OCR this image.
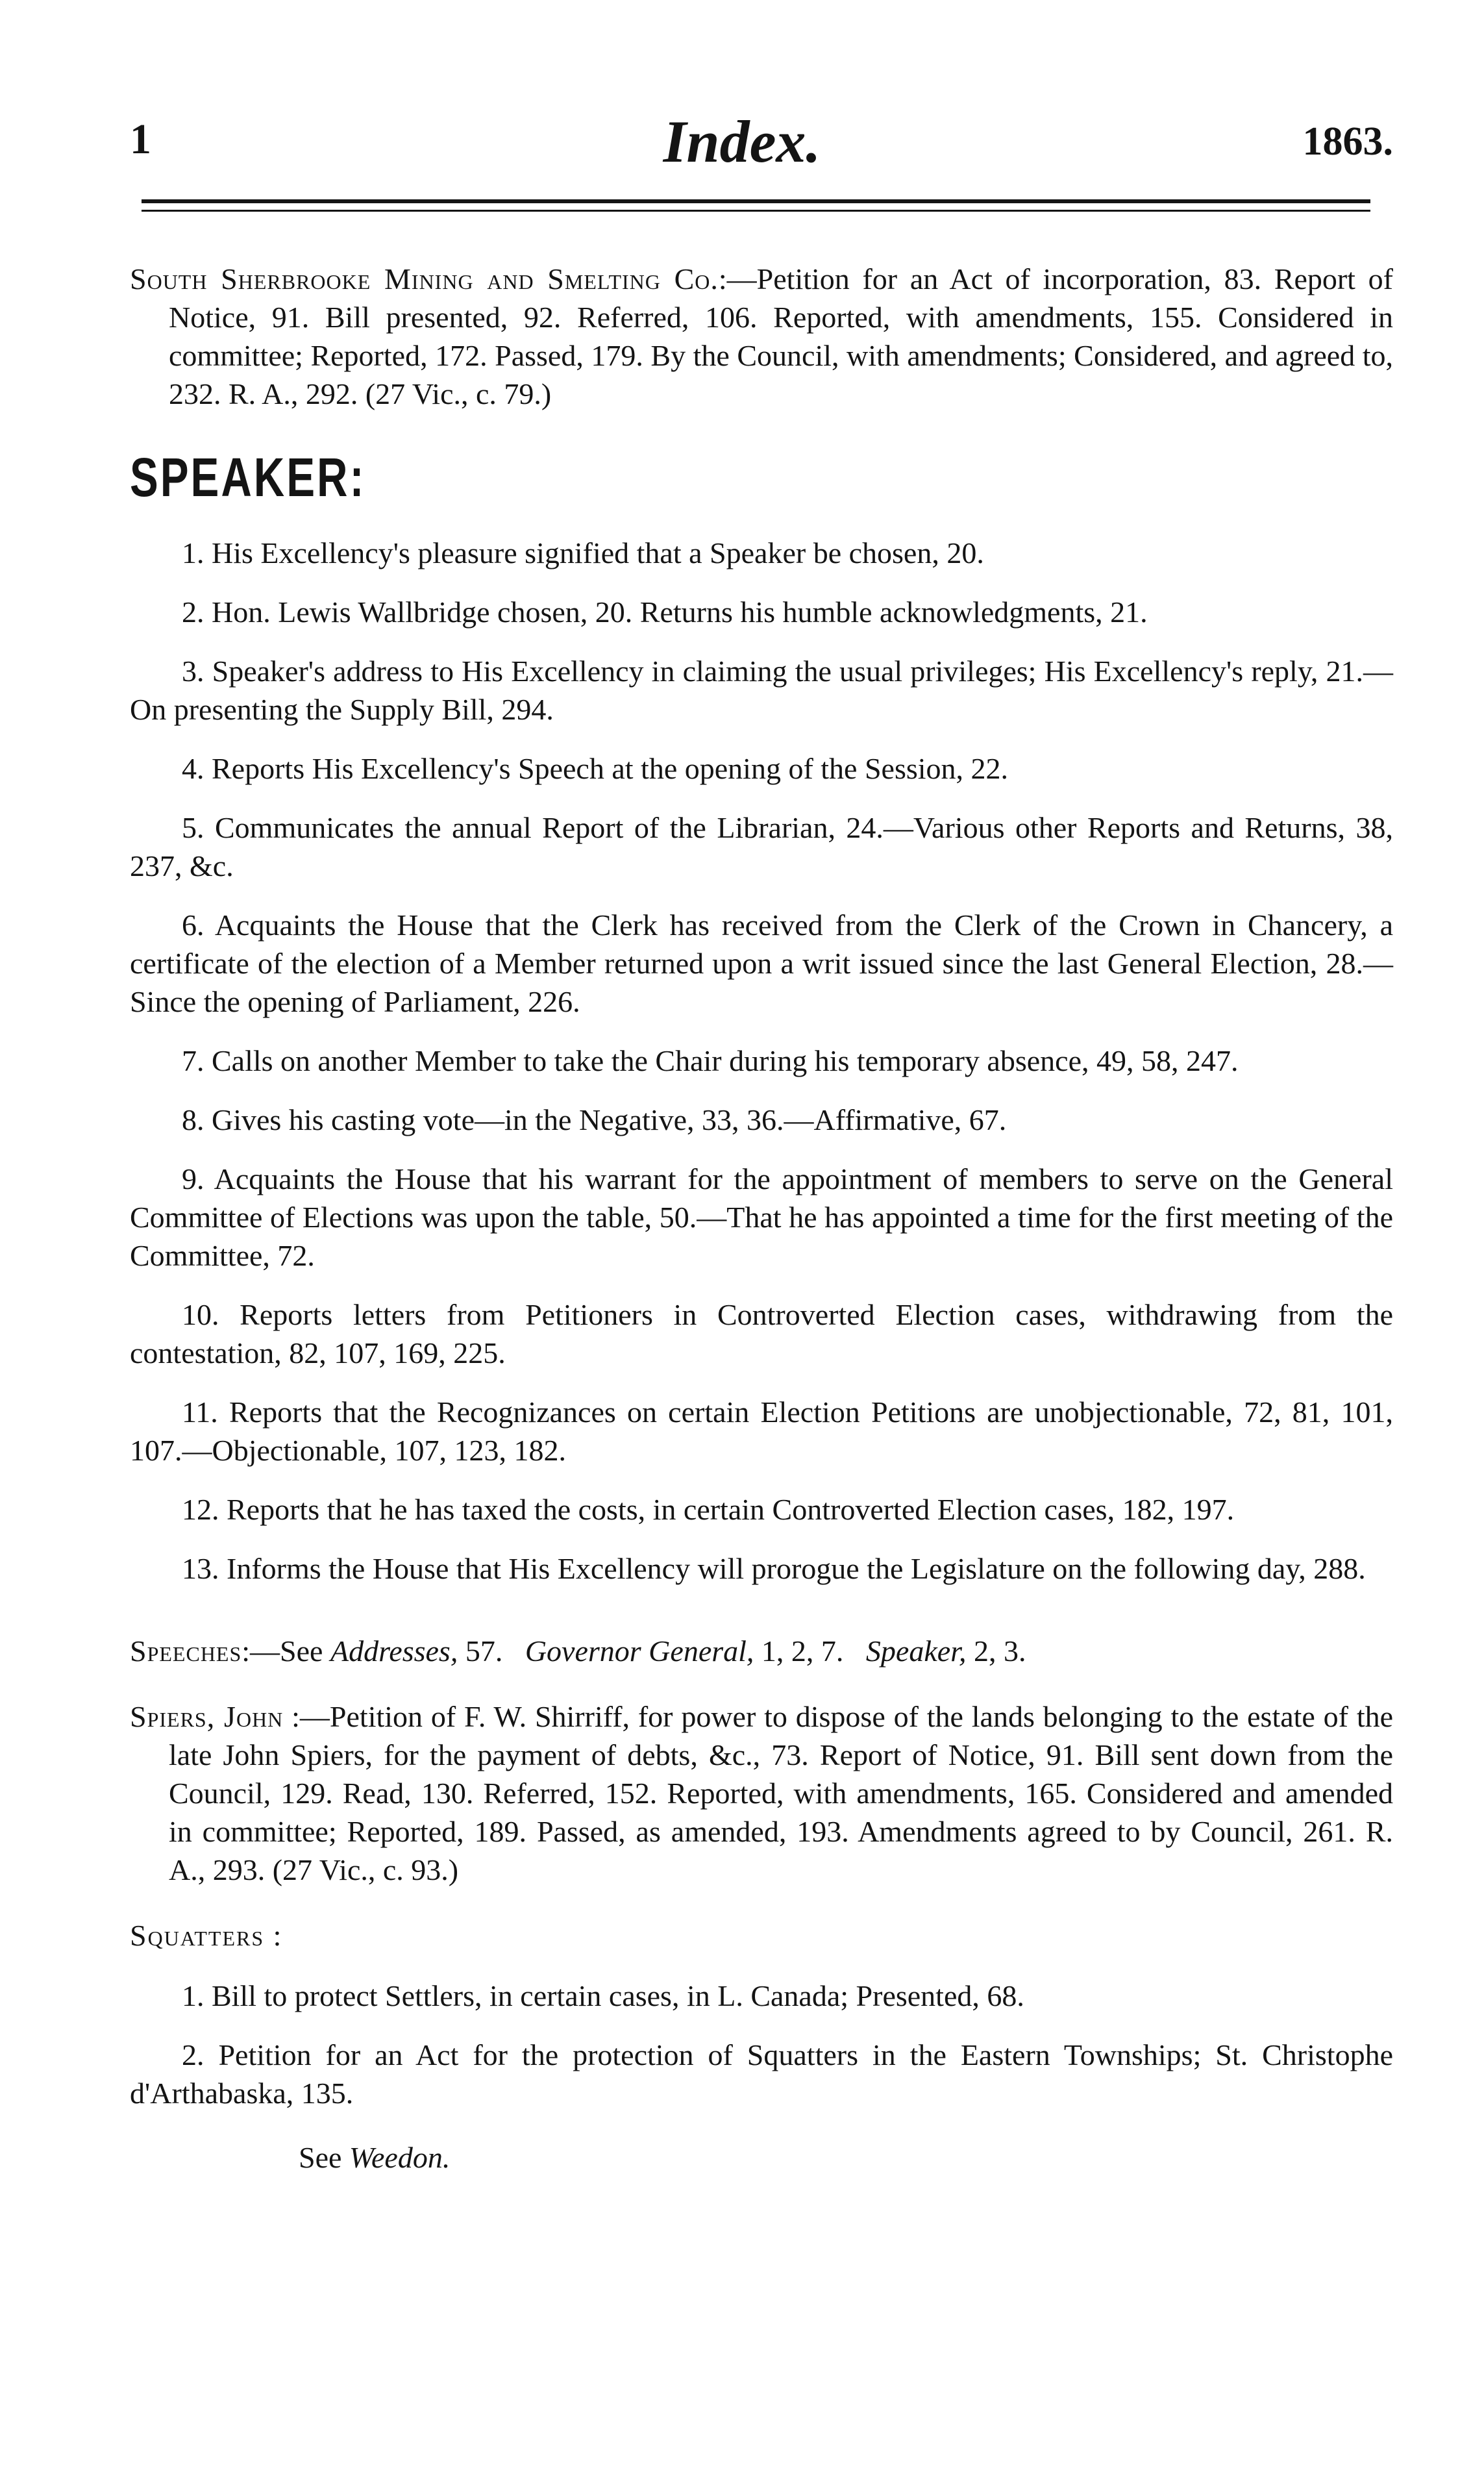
1	Index.	1863.

South Sherbrooke Mining and Smelting Co.:—Petition for an Act of incorporation, 83. Report of Notice, 91. Bill presented, 92. Referred, 106. Reported, with amendments, 155. Considered in committee; Reported, 172. Passed, 179. By the Council, with amendments; Considered, and agreed to, 232. R. A., 292. (27 Vic., c. 79.)

SPEAKER:

1. His Excellency's pleasure signified that a Speaker be chosen, 20.

2. Hon. Lewis Wallbridge chosen, 20. Returns his humble acknowledgments, 21.

3. Speaker's address to His Excellency in claiming the usual privileges; His Excellency's reply, 21.—On presenting the Supply Bill, 294.

4. Reports His Excellency's Speech at the opening of the Session, 22.

5. Communicates the annual Report of the Librarian, 24.—Various other Reports and Returns, 38, 237, &c.

6. Acquaints the House that the Clerk has received from the Clerk of the Crown in Chancery, a certificate of the election of a Member returned upon a writ issued since the last General Election, 28.—Since the opening of Parliament, 226.

7. Calls on another Member to take the Chair during his temporary absence, 49, 58, 247.

8. Gives his casting vote—in the Negative, 33, 36.—Affirmative, 67.

9. Acquaints the House that his warrant for the appointment of members to serve on the General Committee of Elections was upon the table, 50.—That he has appointed a time for the first meeting of the Committee, 72.

10. Reports letters from Petitioners in Controverted Election cases, withdrawing from the contestation, 82, 107, 169, 225.

11. Reports that the Recognizances on certain Election Petitions are unobjectionable, 72, 81, 101, 107.—Objectionable, 107, 123, 182.

12. Reports that he has taxed the costs, in certain Controverted Election cases, 182, 197.

13. Informs the House that His Excellency will prorogue the Legislature on the following day, 288.

Speeches:—See Addresses, 57. Governor General, 1, 2, 7. Speaker, 2, 3.

Spiers, John :—Petition of F. W. Shirriff, for power to dispose of the lands belonging to the estate of the late John Spiers, for the payment of debts, &c., 73. Report of Notice, 91. Bill sent down from the Council, 129. Read, 130. Referred, 152. Reported, with amendments, 165. Considered and amended in committee; Reported, 189. Passed, as amended, 193. Amendments agreed to by Council, 261. R. A., 293. (27 Vic., c. 93.)

Squatters :

1. Bill to protect Settlers, in certain cases, in L. Canada; Presented, 68.

2. Petition for an Act for the protection of Squatters in the Eastern Townships; St. Christophe d'Arthabaska, 135.

See Weedon.
